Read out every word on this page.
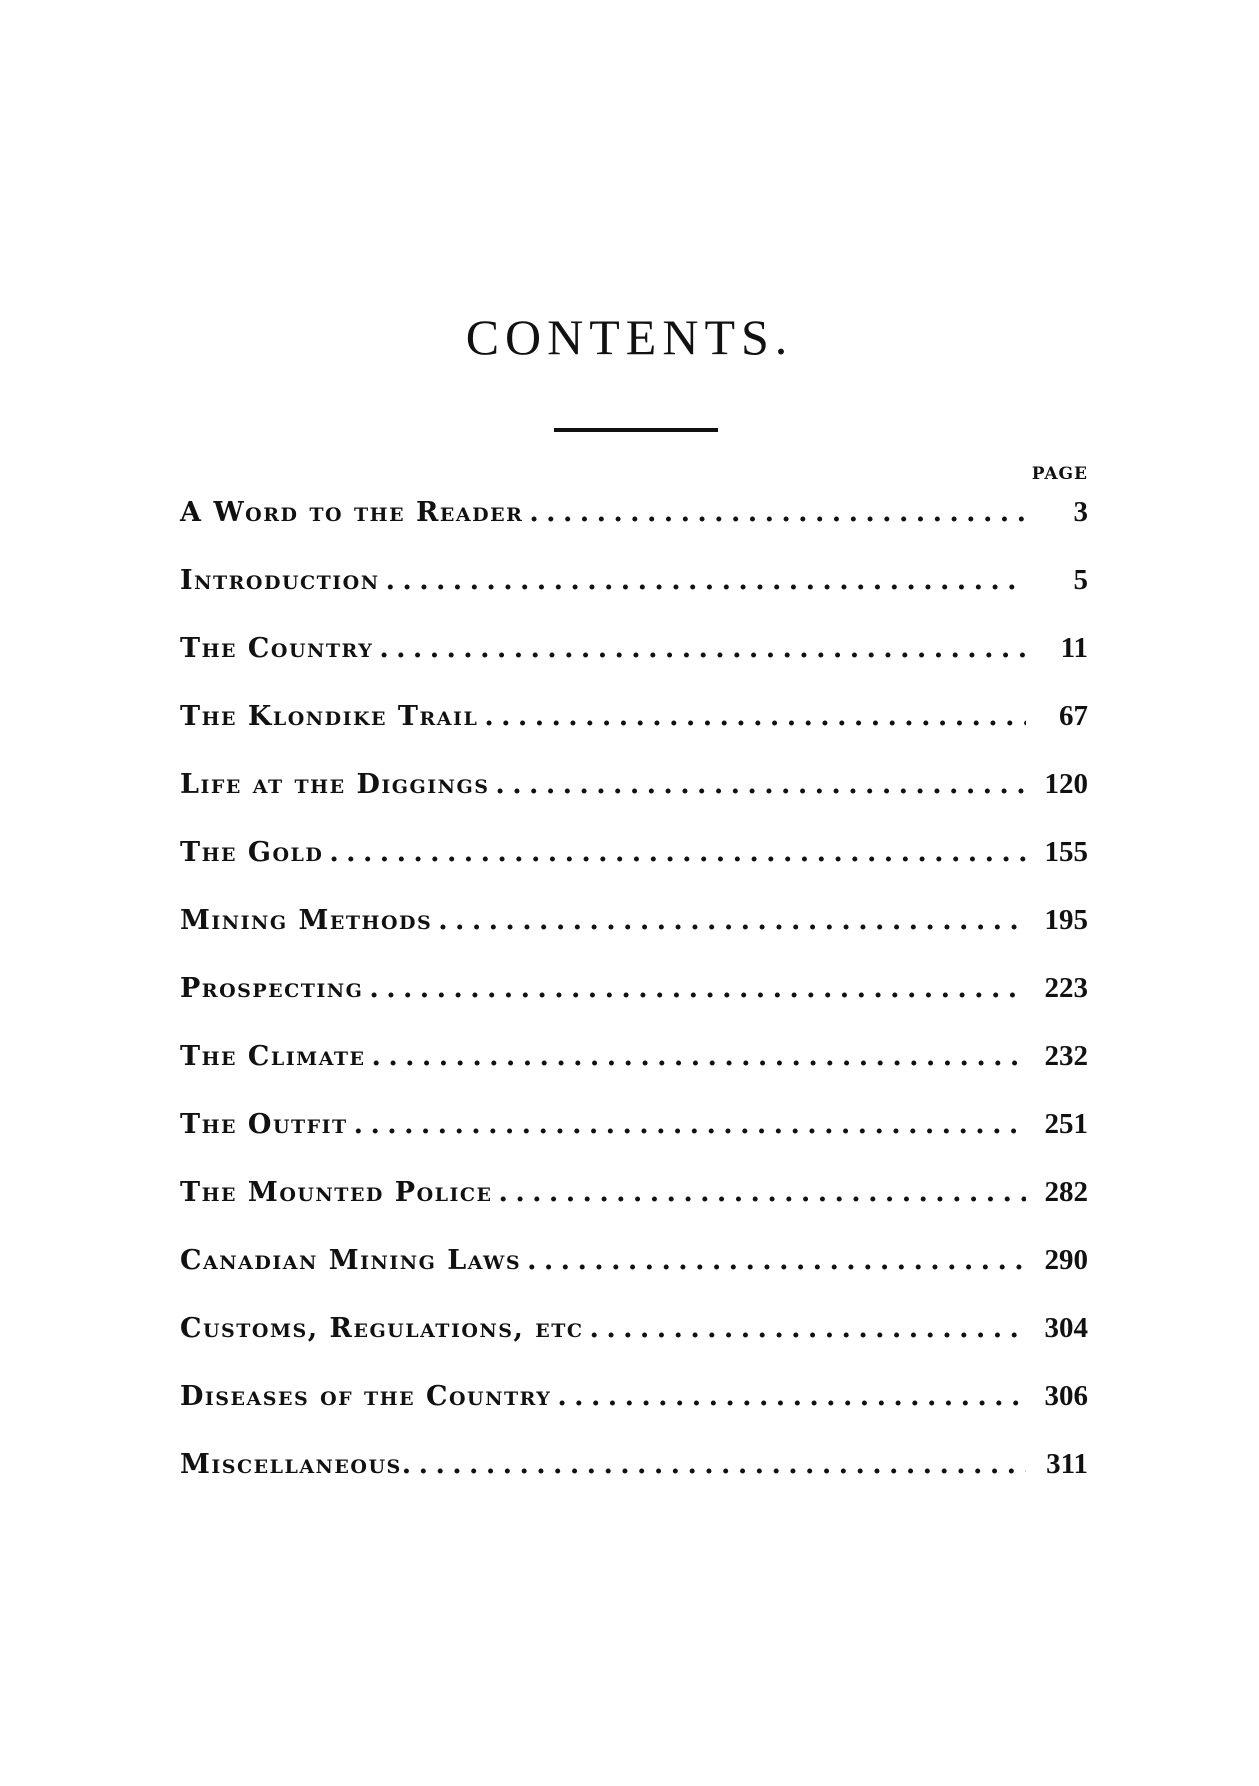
CONTENTS.
PAGE
A Word to the Reader . . .	3
Introduction . . .	5
The Country . . .	11
The Klondike Trail . . .	67
Life at the Diggings . . .	120
The Gold . . .	155
Mining Methods . . .	195
Prospecting . . .	223
The Climate . . .	232
The Outfit . . .	251
The Mounted Police . . .	282
Canadian Mining Laws . . .	290
Customs, Regulations, etc . . .	304
Diseases of the Country . . .	306
Miscellaneous. . . .	311
